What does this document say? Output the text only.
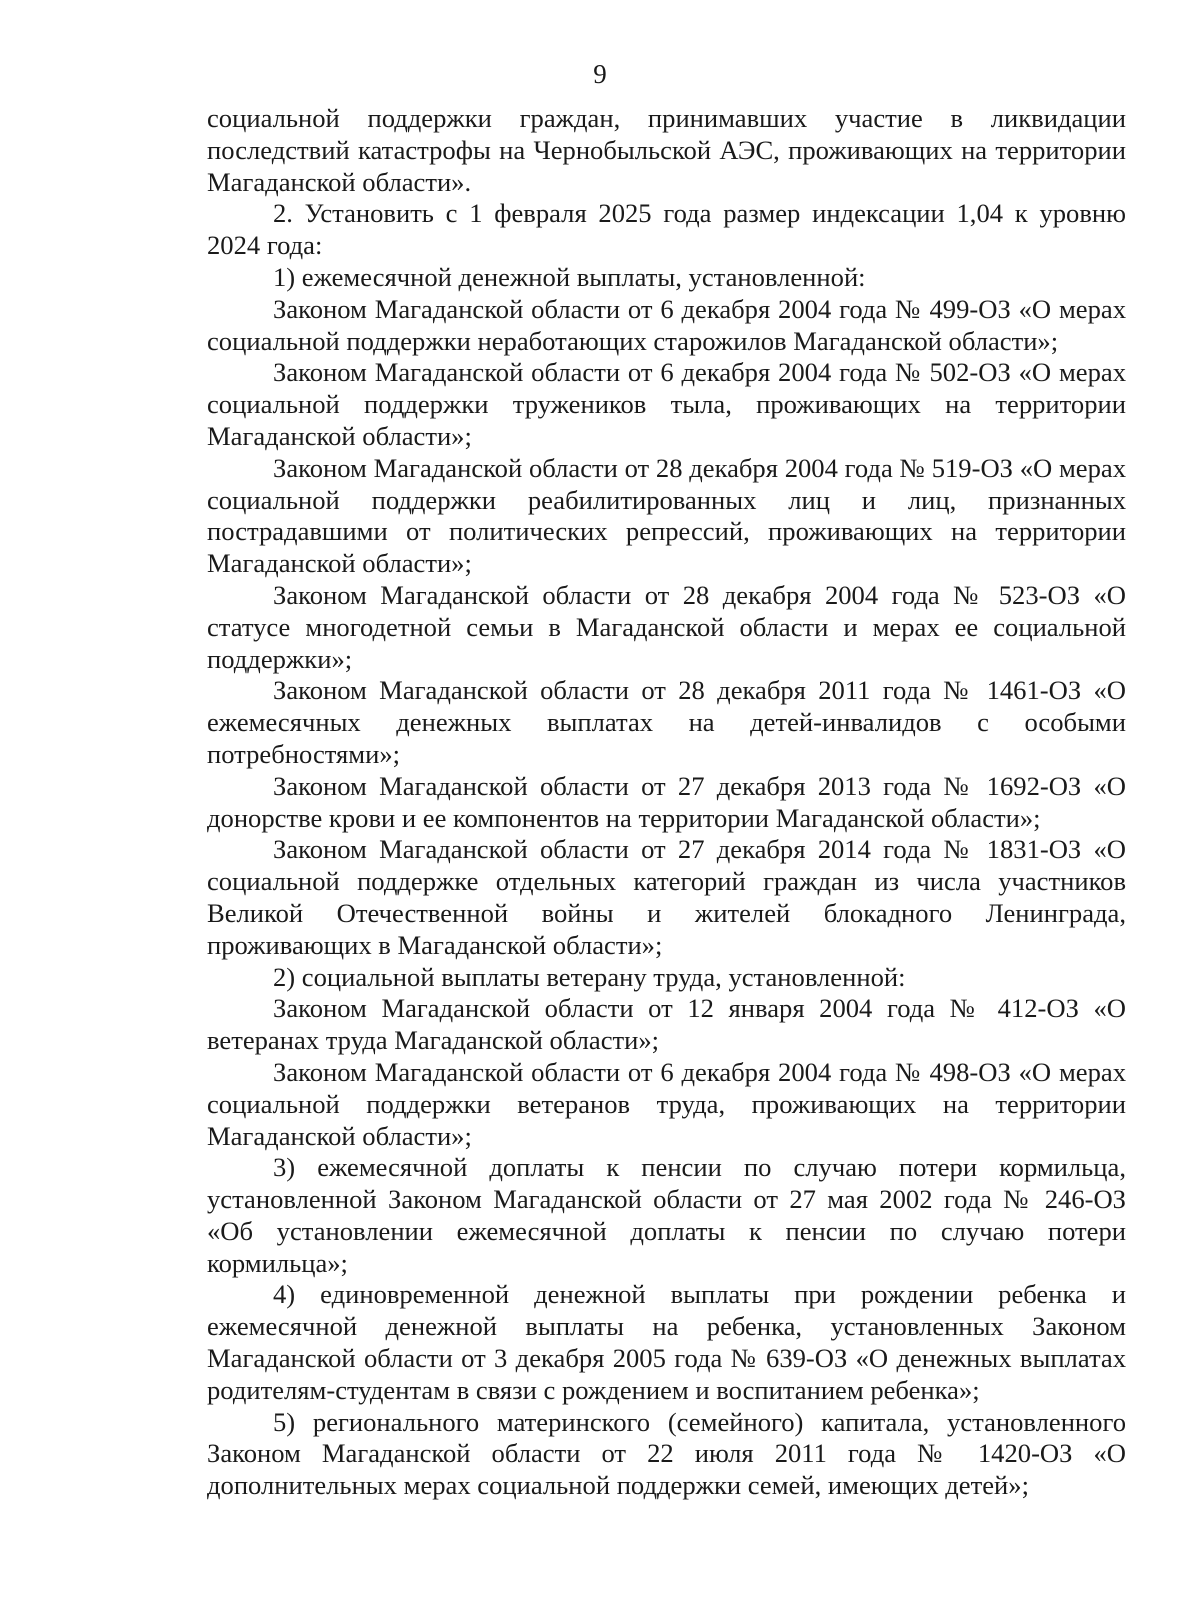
9

социальной поддержки граждан, принимавших участие в ликвидации последствий катастрофы на Чернобыльской АЭС, проживающих на территории Магаданской области».

2. Установить с 1 февраля 2025 года размер индексации 1,04 к уровню 2024 года:

1) ежемесячной денежной выплаты, установленной:

Законом Магаданской области от 6 декабря 2004 года № 499-ОЗ «О мерах социальной поддержки неработающих старожилов Магаданской области»;

Законом Магаданской области от 6 декабря 2004 года № 502-ОЗ «О мерах социальной поддержки тружеников тыла, проживающих на территории Магаданской области»;

Законом Магаданской области от 28 декабря 2004 года № 519-ОЗ «О мерах социальной поддержки реабилитированных лиц и лиц, признанных пострадавшими от политических репрессий, проживающих на территории Магаданской области»;

Законом Магаданской области от 28 декабря 2004 года № 523-ОЗ «О статусе многодетной семьи в Магаданской области и мерах ее социальной поддержки»;

Законом Магаданской области от 28 декабря 2011 года № 1461-ОЗ «О ежемесячных денежных выплатах на детей-инвалидов с особыми потребностями»;

Законом Магаданской области от 27 декабря 2013 года № 1692-ОЗ «О донорстве крови и ее компонентов на территории Магаданской области»;

Законом Магаданской области от 27 декабря 2014 года № 1831-ОЗ «О социальной поддержке отдельных категорий граждан из числа участников Великой Отечественной войны и жителей блокадного Ленинграда, проживающих в Магаданской области»;

2) социальной выплаты ветерану труда, установленной:

Законом Магаданской области от 12 января 2004 года № 412-ОЗ «О ветеранах труда Магаданской области»;

Законом Магаданской области от 6 декабря 2004 года № 498-ОЗ «О мерах социальной поддержки ветеранов труда, проживающих на территории Магаданской области»;

3) ежемесячной доплаты к пенсии по случаю потери кормильца, установленной Законом Магаданской области от 27 мая 2002 года № 246-ОЗ «Об установлении ежемесячной доплаты к пенсии по случаю потери кормильца»;

4) единовременной денежной выплаты при рождении ребенка и ежемесячной денежной выплаты на ребенка, установленных Законом Магаданской области от 3 декабря 2005 года № 639-ОЗ «О денежных выплатах родителям-студентам в связи с рождением и воспитанием ребенка»;

5) регионального материнского (семейного) капитала, установленного Законом Магаданской области от 22 июля 2011 года № 1420-ОЗ «О дополнительных мерах социальной поддержки семей, имеющих детей»;
